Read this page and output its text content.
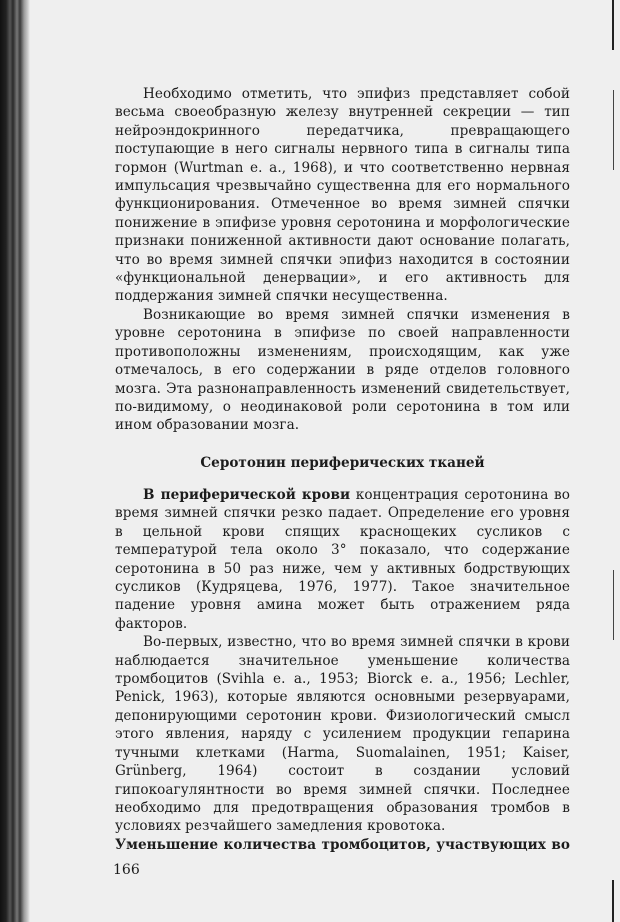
Необходимо отметить, что эпифиз представляет собой весьма своеобразную железу внутренней секреции — тип нейроэндокринного передатчика, превращающего поступающие в него сигналы нервного типа в сигналы типа гормон (Wurtman e. a., 1968), и что соответственно нервная импульсация чрезвычайно существенна для его нормального функционирования. Отмеченное во время зимней спячки понижение в эпифизе уровня серотонина и морфологические признаки пониженной активности дают основание полагать, что во время зимней спячки эпифиз находится в состоянии «функциональной денервации», и его активность для поддержания зимней спячки несущественна.

Возникающие во время зимней спячки изменения в уровне серотонина в эпифизе по своей направленности противоположны изменениям, происходящим, как уже отмечалось, в его содержании в ряде отделов головного мозга. Эта разнонаправленность изменений свидетельствует, по-видимому, о неодинаковой роли серотонина в том или ином образовании мозга.

Серотонин периферических тканей

В периферической крови концентрация серотонина во время зимней спячки резко падает. Определение его уровня в цельной крови спящих краснощеких сусликов с температурой тела около 3° показало, что содержание серотонина в 50 раз ниже, чем у активных бодрствующих сусликов (Кудряцева, 1976, 1977). Такое значительное падение уровня амина может быть отражением ряда факторов.

Во-первых, известно, что во время зимней спячки в крови наблюдается значительное уменьшение количества тромбоцитов (Svihla e. a., 1953; Biorck e. a., 1956; Lechler, Penick, 1963), которые являются основными резервуарами, депонирующими серотонин крови. Физиологический смысл этого явления, наряду с усилением продукции гепарина тучными клетками (Harma, Suomalainen, 1951; Kaiser, Grünberg, 1964) состоит в создании условий гипокоагулянтности во время зимней спячки. Последнее необходимо для предотвращения образования тромбов в условиях резчайшего замедления кровотока.

Уменьшение количества тромбоцитов, участвующих во

166
